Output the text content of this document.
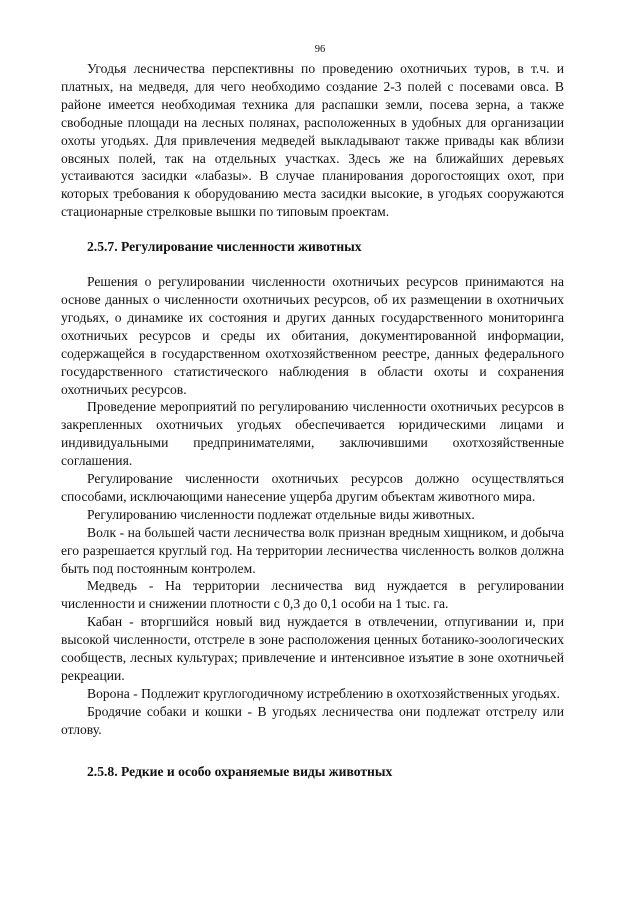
96

Угодья лесничества перспективны по проведению охотничьих туров, в т.ч. и платных, на медведя, для чего необходимо создание 2-3 полей с посевами овса. В районе имеется необходимая техника для распашки земли, посева зерна, а также свободные площади на лесных полянах, расположенных в удобных для организации охоты угодьях. Для привлечения медведей выкладывают также привады как вблизи овсяных полей, так на отдельных участках. Здесь же на ближайших деревьях устаиваются засидки «лабазы». В случае планирования дорогостоящих охот, при которых требования к оборудованию места засидки высокие, в угодьях сооружаются стационарные стрелковые вышки по типовым проектам.

2.5.7. Регулирование численности животных

Решения о регулировании численности охотничьих ресурсов принимаются на основе данных о численности охотничьих ресурсов, об их размещении в охотничьих угодьях, о динамике их состояния и других данных государственного мониторинга охотничьих ресурсов и среды их обитания, документированной информации, содержащейся в государственном охотхозяйственном реестре, данных федерального государственного статистического наблюдения в области охоты и сохранения охотничьих ресурсов.

Проведение мероприятий по регулированию численности охотничьих ресурсов в закрепленных охотничьих угодьях обеспечивается юридическими лицами и индивидуальными предпринимателями, заключившими охотхозяйственные соглашения.

Регулирование численности охотничьих ресурсов должно осуществляться способами, исключающими нанесение ущерба другим объектам животного мира.

Регулированию численности подлежат отдельные виды животных.

Волк - на большей части лесничества волк признан вредным хищником, и добыча его разрешается круглый год. На территории лесничества численность волков должна быть под постоянным контролем.

Медведь - На территории лесничества вид нуждается в регулировании численности и снижении плотности с 0,3 до 0,1 особи на 1 тыс. га.

Кабан - вторгшийся новый вид нуждается в отвлечении, отпугивании и, при высокой численности, отстреле в зоне расположения ценных ботанико-зоологических сообществ, лесных культурах; привлечение и интенсивное изъятие в зоне охотничьей рекреации.

Ворона - Подлежит круглогодичному истреблению в охотхозяйственных угодьях.

Бродячие собаки и кошки - В угодьях лесничества они подлежат отстрелу или отлову.

2.5.8. Редкие и особо охраняемые виды животных
